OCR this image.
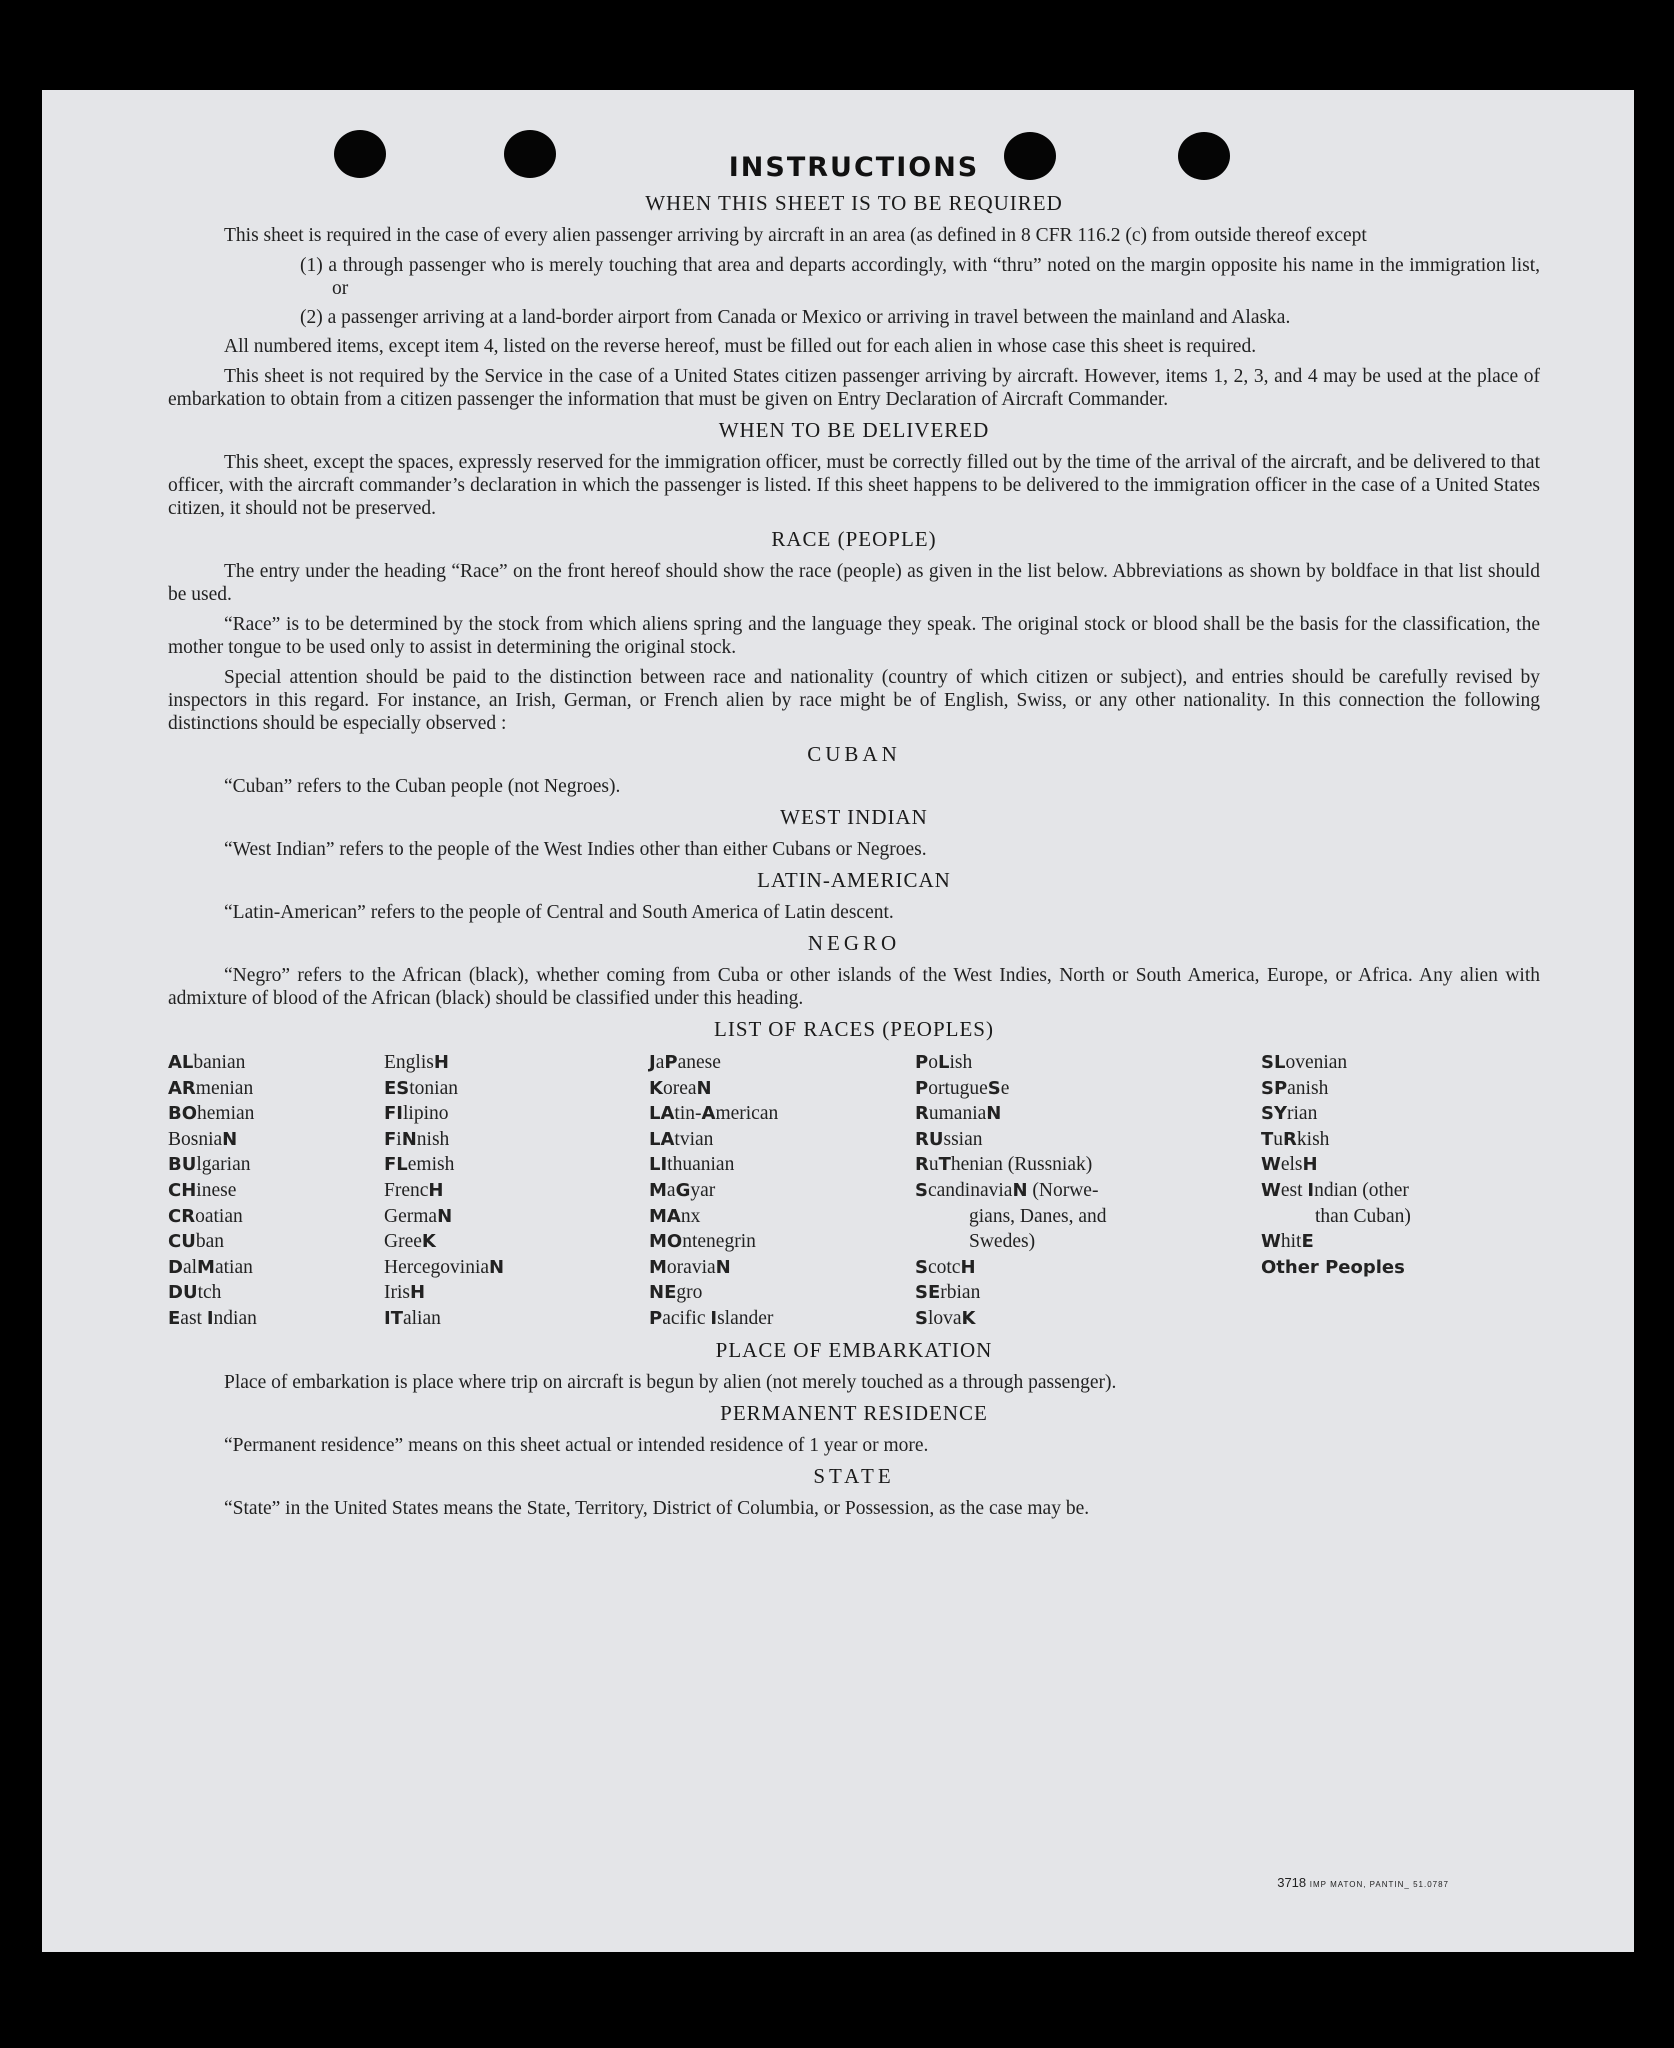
INSTRUCTIONS
WHEN THIS SHEET IS TO BE REQUIRED

This sheet is required in the case of every alien passenger arriving by aircraft in an area (as defined in 8 CFR 116.2 (c) from outside thereof except

(1) a through passenger who is merely touching that area and departs accordingly, with “thru” noted on the margin opposite his name in the immigration list, or
(2) a passenger arriving at a land-border airport from Canada or Mexico or arriving in travel between the mainland and Alaska.

All numbered items, except item 4, listed on the reverse hereof, must be filled out for each alien in whose case this sheet is required.

This sheet is not required by the Service in the case of a United States citizen passenger arriving by aircraft. However, items 1, 2, 3, and 4 may be used at the place of embarkation to obtain from a citizen passenger the information that must be given on Entry Declaration of Aircraft Commander.

WHEN TO BE DELIVERED

This sheet, except the spaces, expressly reserved for the immigration officer, must be correctly filled out by the time of the arrival of the aircraft, and be delivered to that officer, with the aircraft commander’s declaration in which the passenger is listed. If this sheet happens to be delivered to the immigration officer in the case of a United States citizen, it should not be preserved.

RACE (PEOPLE)

The entry under the heading “Race” on the front hereof should show the race (people) as given in the list below. Abbreviations as shown by boldface in that list should be used.

“Race” is to be determined by the stock from which aliens spring and the language they speak. The original stock or blood shall be the basis for the classification, the mother tongue to be used only to assist in determining the original stock.

Special attention should be paid to the distinction between race and nationality (country of which citizen or subject), and entries should be carefully revised by inspectors in this regard. For instance, an Irish, German, or French alien by race might be of English, Swiss, or any other nationality. In this connection the following distinctions should be especially observed :

CUBAN

“Cuban” refers to the Cuban people (not Negroes).

WEST INDIAN

“West Indian” refers to the people of the West Indies other than either Cubans or Negroes.

LATIN-AMERICAN

“Latin-American” refers to the people of Central and South America of Latin descent.

NEGRO

“Negro” refers to the African (black), whether coming from Cuba or other islands of the West Indies, North or South America, Europe, or Africa. Any alien with admixture of blood of the African (black) should be classified under this heading.

LIST OF RACES (PEOPLES)
ALbanian
ARmenian
BOhemian
BosniaN
BUlgarian
CHinese
CRoatian
CUban
DalMatian
DUtch
East Indian
EnglisH
EStonian
FIlipino
FiNnish
FLemish
FrencH
GermaN
GreeK
HercegoviniaN
IrisH
ITalian
JaPanese
KoreaN
LAtin-American
LAtvian
LIthuanian
MaGyar
MAnx
MOntenegrin
MoraviaN
NEgro
Pacific Islander
PoLish
PortugueSe
RumaniaN
RUssian
RuThenian (Russniak)
ScandinaviaN (Norwe-
gians, Danes, and
Swedes)
ScotcH
SErbian
SlovaK
SLovenian
SPanish
SYrian
TuRkish
WelsH
West Indian (other
than Cuban)
WhitE
Other Peoples
PLACE OF EMBARKATION

Place of embarkation is place where trip on aircraft is begun by alien (not merely touched as a through passenger).

PERMANENT RESIDENCE

“Permanent residence” means on this sheet actual or intended residence of 1 year or more.

STATE

“State” in the United States means the State, Territory, District of Columbia, or Possession, as the case may be.

3718 IMP MATON, PANTIN_ 51.0787
